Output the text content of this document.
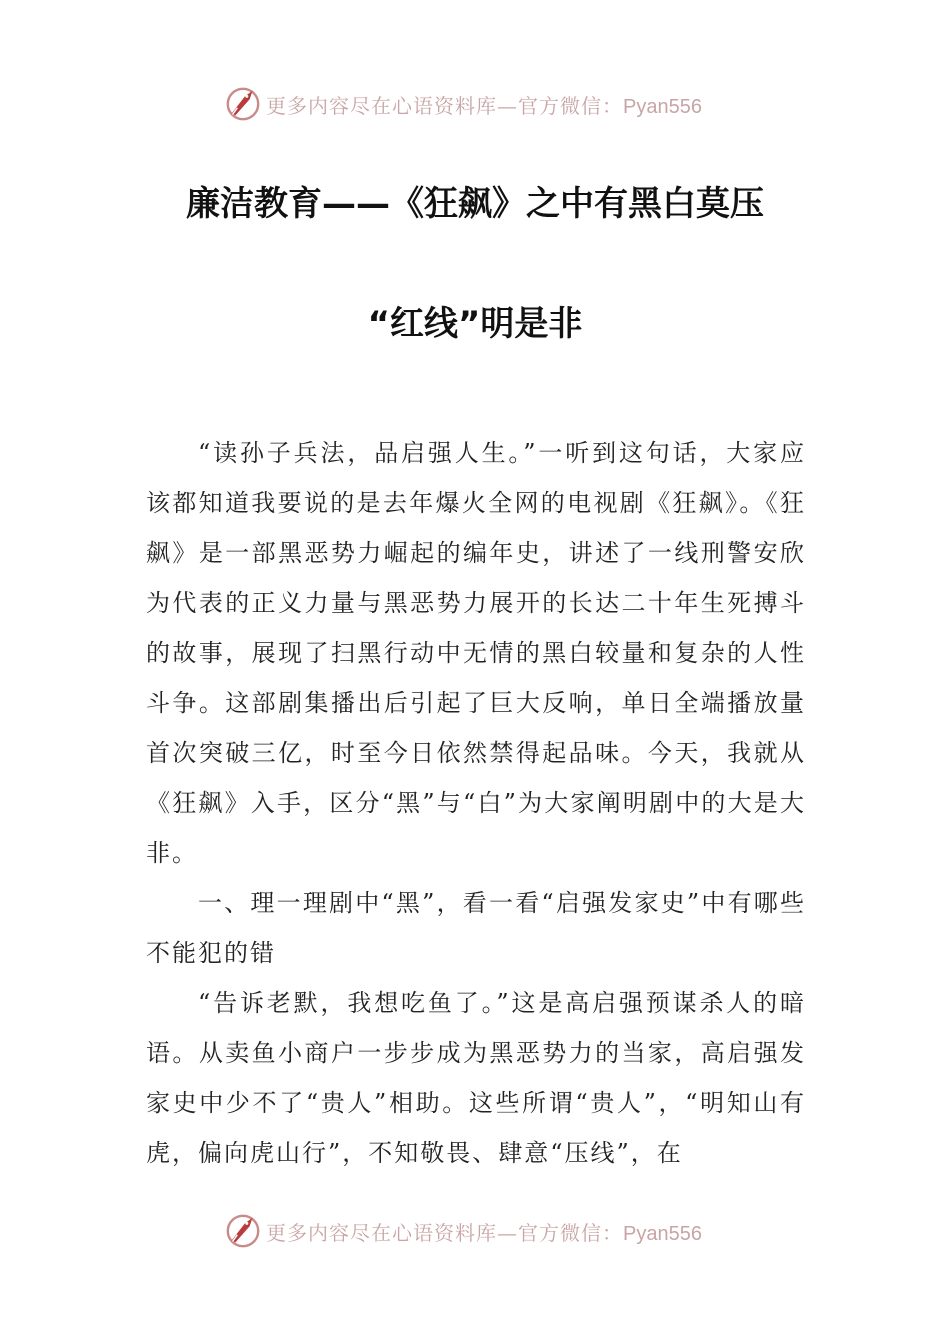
更多内容尽在心语资料库—官方微信：Pyan556
廉洁教育——《狂飙》之中有黑白莫压
“红线”明是非

“读孙子兵法，品启强人生。”一听到这句话，大家应该都知道我要说的是去年爆火全网的电视剧《狂飙》。《狂飙》是一部黑恶势力崛起的编年史，讲述了一线刑警安欣为代表的正义力量与黑恶势力展开的长达二十年生死搏斗的故事，展现了扫黑行动中无情的黑白较量和复杂的人性斗争。这部剧集播出后引起了巨大反响，单日全端播放量首次突破三亿，时至今日依然禁得起品味。今天，我就从《狂飙》入手，区分“黑”与“白”为大家阐明剧中的大是大非。

一、理一理剧中“黑”，看一看“启强发家史”中有哪些不能犯的错

“告诉老默，我想吃鱼了。”这是高启强预谋杀人的暗语。从卖鱼小商户一步步成为黑恶势力的当家，高启强发家史中少不了“贵人”相助。这些所谓“贵人”，“明知山有虎，偏向虎山行”，不知敬畏、肆意“压线”，在

更多内容尽在心语资料库—官方微信：Pyan556
